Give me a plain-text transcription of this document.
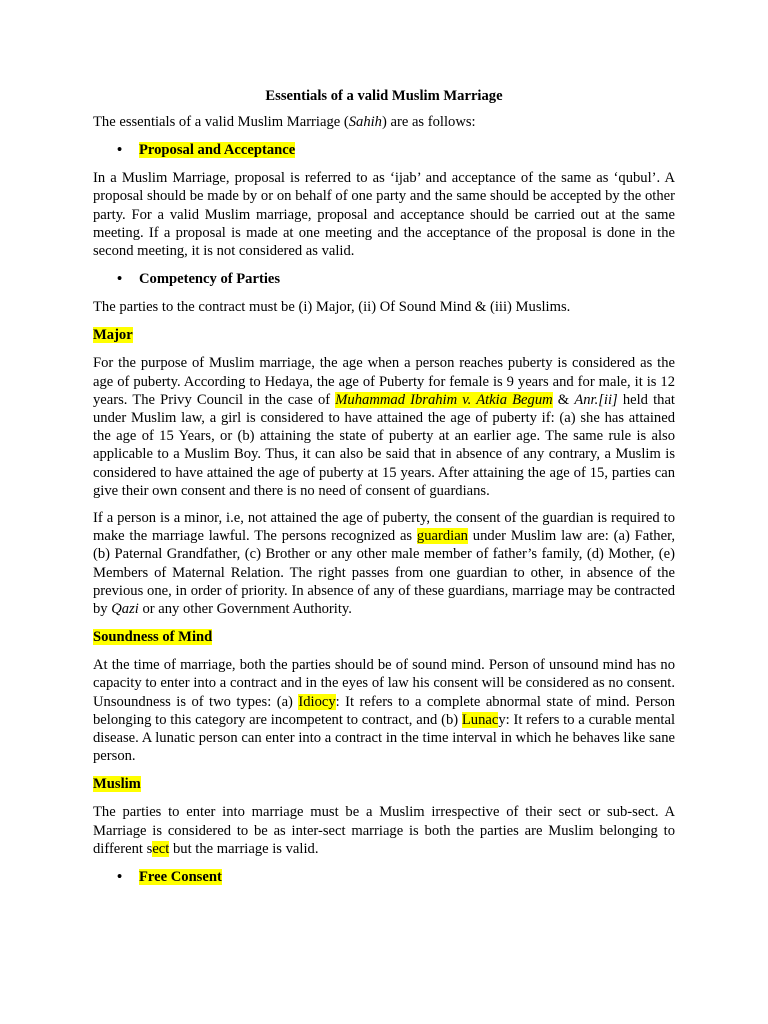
Essentials of a valid Muslim Marriage

The essentials of a valid Muslim Marriage (Sahih) are as follows:

•	Proposal and Acceptance

In a Muslim Marriage, proposal is referred to as ‘ijab’ and acceptance of the same as ‘qubul’. A proposal should be made by or on behalf of one party and the same should be accepted by the other party. For a valid Muslim marriage, proposal and acceptance should be carried out at the same meeting. If a proposal is made at one meeting and the acceptance of the proposal is done in the second meeting, it is not considered as valid.

•	Competency of Parties

The parties to the contract must be (i) Major, (ii) Of Sound Mind & (iii) Muslims.

Major

For the purpose of Muslim marriage, the age when a person reaches puberty is considered as the age of puberty. According to Hedaya, the age of Puberty for female is 9 years and for male, it is 12 years. The Privy Council in the case of Muhammad Ibrahim v. Atkia Begum & Anr.[ii] held that under Muslim law, a girl is considered to have attained the age of puberty if: (a) she has attained the age of 15 Years, or (b) attaining the state of puberty at an earlier age. The same rule is also applicable to a Muslim Boy. Thus, it can also be said that in absence of any contrary, a Muslim is considered to have attained the age of puberty at 15 years. After attaining the age of 15, parties can give their own consent and there is no need of consent of guardians.

If a person is a minor, i.e, not attained the age of puberty, the consent of the guardian is required to make the marriage lawful. The persons recognized as guardian under Muslim law are: (a) Father, (b) Paternal Grandfather, (c) Brother or any other male member of father’s family, (d) Mother, (e) Members of Maternal Relation. The right passes from one guardian to other, in absence of the previous one, in order of priority. In absence of any of these guardians, marriage may be contracted by Qazi or any other Government Authority.

Soundness of Mind

At the time of marriage, both the parties should be of sound mind. Person of unsound mind has no capacity to enter into a contract and in the eyes of law his consent will be considered as no consent. Unsoundness is of two types: (a) Idiocy: It refers to a complete abnormal state of mind. Person belonging to this category are incompetent to contract, and (b) Lunacy: It refers to a curable mental disease. A lunatic person can enter into a contract in the time interval in which he behaves like sane person.

Muslim

The parties to enter into marriage must be a Muslim irrespective of their sect or sub-sect. A Marriage is considered to be as inter-sect marriage is both the parties are Muslim belonging to different sect but the marriage is valid.

•	Free Consent
